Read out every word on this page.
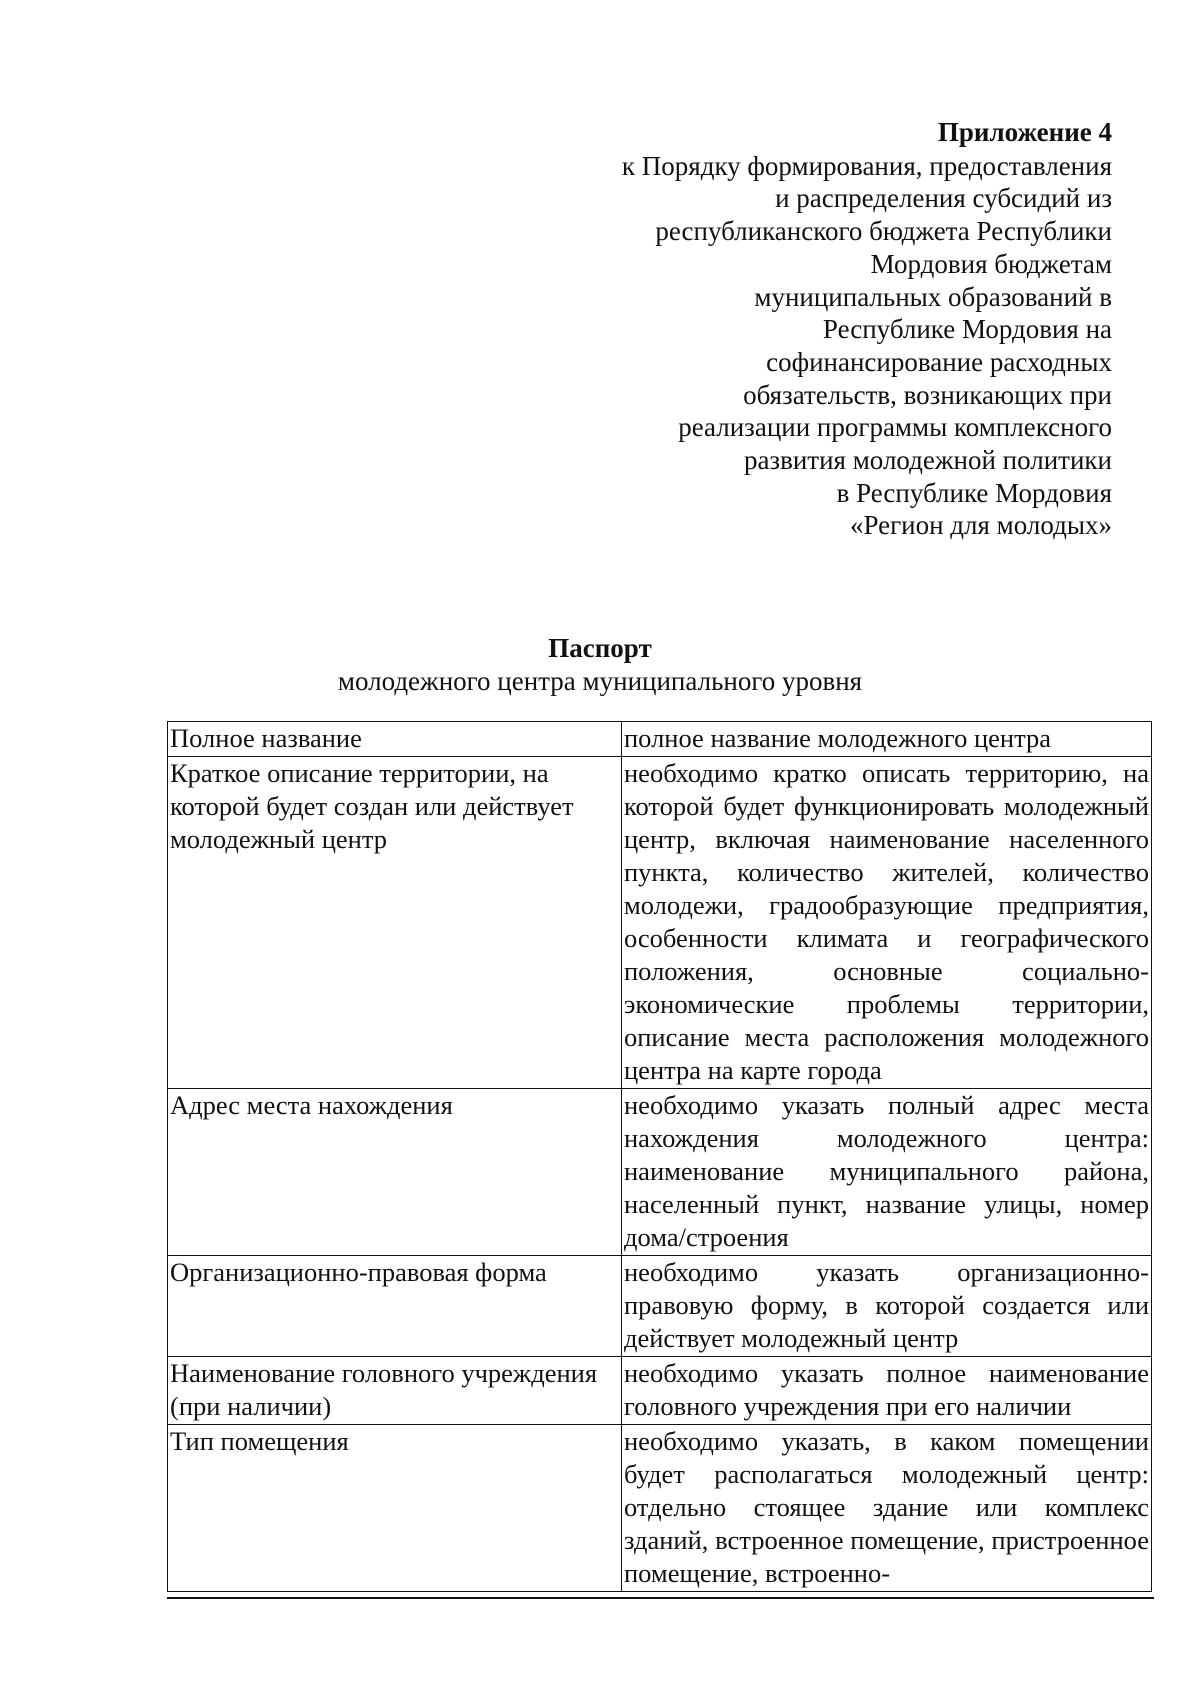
Приложение 4
к Порядку формирования, предоставления
и распределения субсидий из
республиканского бюджета Республики
Мордовия бюджетам
муниципальных образований в
Республике Мордовия на
софинансирование расходных
обязательств, возникающих при
реализации программы комплексного
развития молодежной политики
в Республике Мордовия
«Регион для молодых»
Паспорт
молодежного центра муниципального уровня
Полное название	полное название молодежного центра
Краткое описание территории, на которой будет создан или действует молодежный центр	необходимо кратко описать территорию, на которой будет функционировать молодежный центр, включая наименование населенного пункта, количество жителей, количество молодежи, градообразующие предприятия, особенности климата и географического положения, основные социально-экономические проблемы территории, описание места расположения молодежного центра на карте города
Адрес места нахождения	необходимо указать полный адрес места нахождения молодежного центра: наименование муниципального района, населенный пункт, название улицы, номер дома/строения
Организационно-правовая форма	необходимо указать организационно-правовую форму, в которой создается или действует молодежный центр
Наименование головного учреждения (при наличии)	необходимо указать полное наименование головного учреждения при его наличии
Тип помещения	необходимо указать, в каком помещении будет располагаться молодежный центр: отдельно стоящее здание или комплекс зданий, встроенное помещение, пристроенное помещение, встроенно-
